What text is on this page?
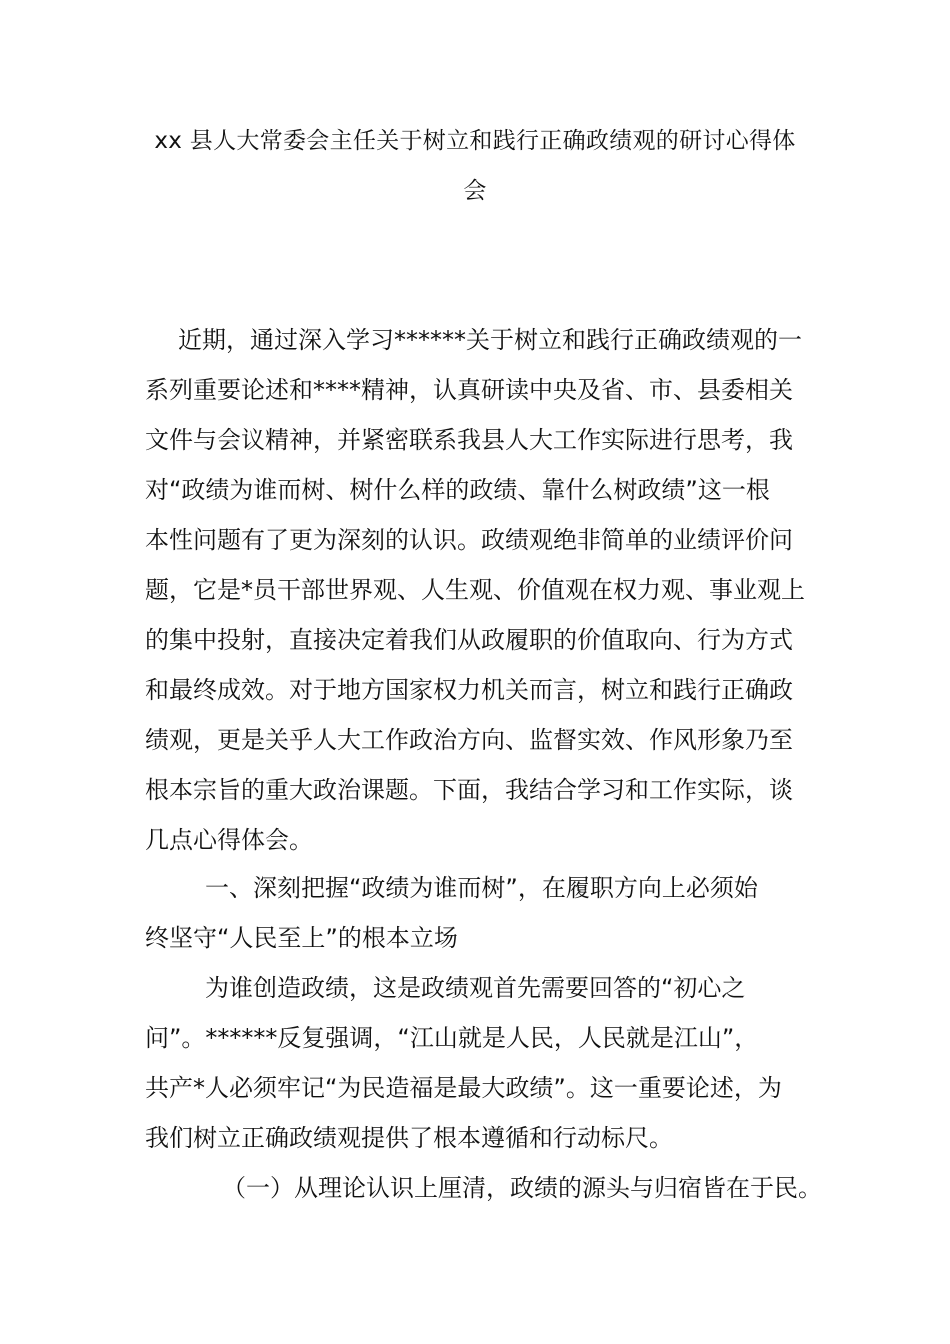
xx 县人大常委会主任关于树立和践行正确政绩观的研讨心得体
会
近期，通过深入学习******关于树立和践行正确政绩观的一
系列重要论述和****精神，认真研读中央及省、市、县委相关
文件与会议精神，并紧密联系我县人大工作实际进行思考，我
对“政绩为谁而树、树什么样的政绩、靠什么树政绩”这一根
本性问题有了更为深刻的认识。政绩观绝非简单的业绩评价问
题，它是*员干部世界观、人生观、价值观在权力观、事业观上
的集中投射，直接决定着我们从政履职的价值取向、行为方式
和最终成效。对于地方国家权力机关而言，树立和践行正确政
绩观，更是关乎人大工作政治方向、监督实效、作风形象乃至
根本宗旨的重大政治课题。下面，我结合学习和工作实际，谈
几点心得体会。
一、深刻把握“政绩为谁而树”，在履职方向上必须始
终坚守“人民至上”的根本立场
为谁创造政绩，这是政绩观首先需要回答的“初心之
问”。******反复强调，“江山就是人民，人民就是江山”，
共产*人必须牢记“为民造福是最大政绩”。这一重要论述，为
我们树立正确政绩观提供了根本遵循和行动标尺。
（一）从理论认识上厘清，政绩的源头与归宿皆在于民。
